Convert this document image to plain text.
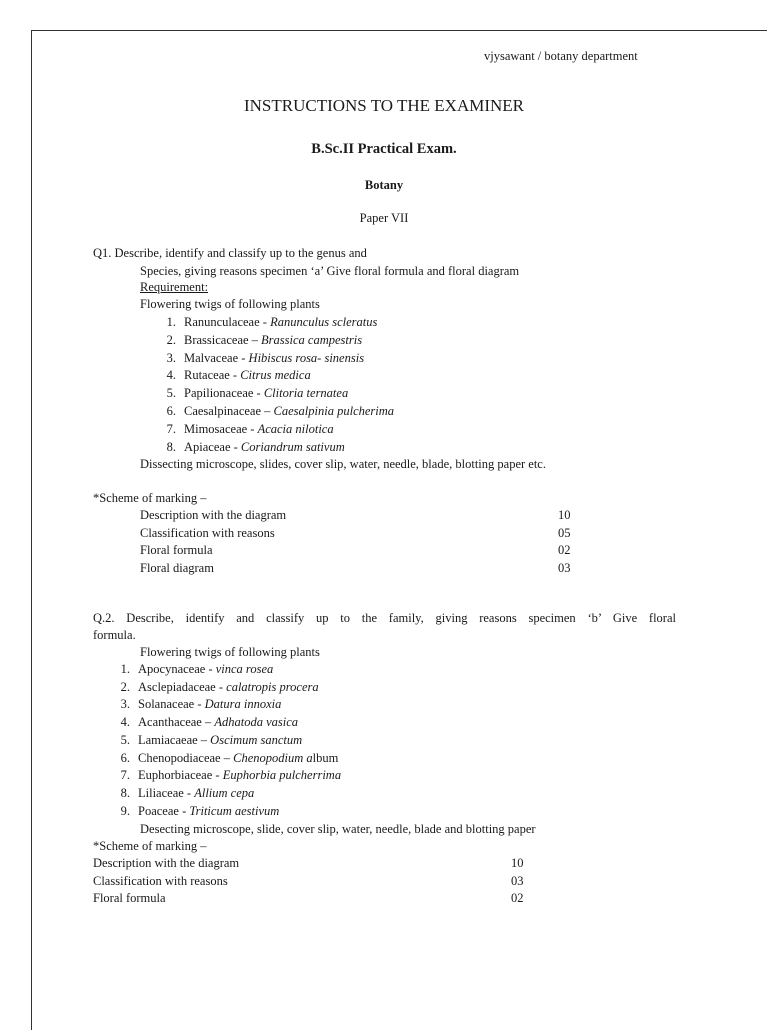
vjysawant / botany department
INSTRUCTIONS TO THE EXAMINER
B.Sc.II Practical Exam.
Botany
Paper VII
Q1. Describe, identify and classify up to the genus and
Species, giving reasons specimen ‘a’ Give floral formula and floral diagram
Requirement:
Flowering twigs of following plants
1. Ranunculaceae - Ranunculus scleratus
2. Brassicaceae – Brassica campestris
3. Malvaceae - Hibiscus rosa- sinensis
4. Rutaceae - Citrus medica
5. Papilionaceae - Clitoria ternatea
6. Caesalpinaceae – Caesalpinia pulcherima
7. Mimosaceae - Acacia nilotica
8. Apiaceae - Coriandrum sativum
Dissecting microscope, slides, cover slip, water, needle, blade, blotting paper etc.
*Scheme of marking –
Description with the diagram	10
Classification with reasons	05
Floral formula	02
Floral diagram	03
Q.2. Describe, identify and classify up to the family, giving reasons specimen ‘b’ Give floral
formula.
Flowering twigs of following plants
1. Apocynaceae - vinca rosea
2. Asclepiadaceae - calatropis procera
3. Solanaceae - Datura innoxia
4. Acanthaceae – Adhatoda vasica
5. Lamiacaeae – Oscimum sanctum
6. Chenopodiaceae – Chenopodium album
7. Euphorbiaceae - Euphorbia pulcherrima
8. Liliaceae - Allium cepa
9. Poaceae - Triticum aestivum
Desecting microscope, slide, cover slip, water, needle, blade and blotting paper
*Scheme of marking –
Description with the diagram	10
Classification with reasons	03
Floral formula	02
